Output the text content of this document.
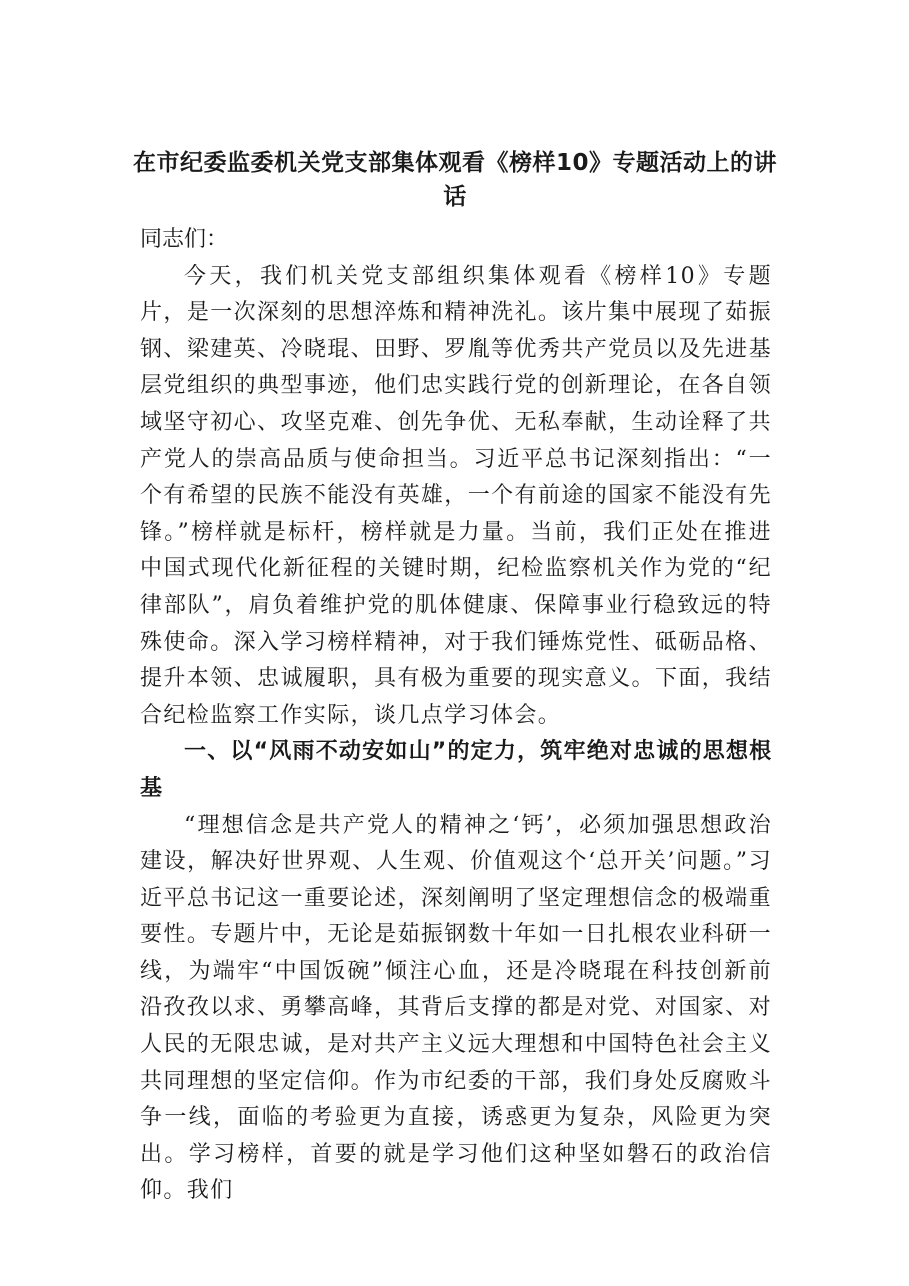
在市纪委监委机关党支部集体观看《榜样10》专题活动上的讲话

同志们：

今天，我们机关党支部组织集体观看《榜样10》专题片，是一次深刻的思想淬炼和精神洗礼。该片集中展现了茹振钢、梁建英、冷晓琨、田野、罗胤等优秀共产党员以及先进基层党组织的典型事迹，他们忠实践行党的创新理论，在各自领域坚守初心、攻坚克难、创先争优、无私奉献，生动诠释了共产党人的崇高品质与使命担当。习近平总书记深刻指出：“一个有希望的民族不能没有英雄，一个有前途的国家不能没有先锋。”榜样就是标杆，榜样就是力量。当前，我们正处在推进中国式现代化新征程的关键时期，纪检监察机关作为党的“纪律部队”，肩负着维护党的肌体健康、保障事业行稳致远的特殊使命。深入学习榜样精神，对于我们锤炼党性、砥砺品格、提升本领、忠诚履职，具有极为重要的现实意义。下面，我结合纪检监察工作实际，谈几点学习体会。

一、以“风雨不动安如山”的定力，筑牢绝对忠诚的思想根基

“理想信念是共产党人的精神之‘钙’，必须加强思想政治建设，解决好世界观、人生观、价值观这个‘总开关’问题。”习近平总书记这一重要论述，深刻阐明了坚定理想信念的极端重要性。专题片中，无论是茹振钢数十年如一日扎根农业科研一线，为端牢“中国饭碗”倾注心血，还是冷晓琨在科技创新前沿孜孜以求、勇攀高峰，其背后支撑的都是对党、对国家、对人民的无限忠诚，是对共产主义远大理想和中国特色社会主义共同理想的坚定信仰。作为市纪委的干部，我们身处反腐败斗争一线，面临的考验更为直接，诱惑更为复杂，风险更为突出。学习榜样，首要的就是学习他们这种坚如磐石的政治信仰。我们
